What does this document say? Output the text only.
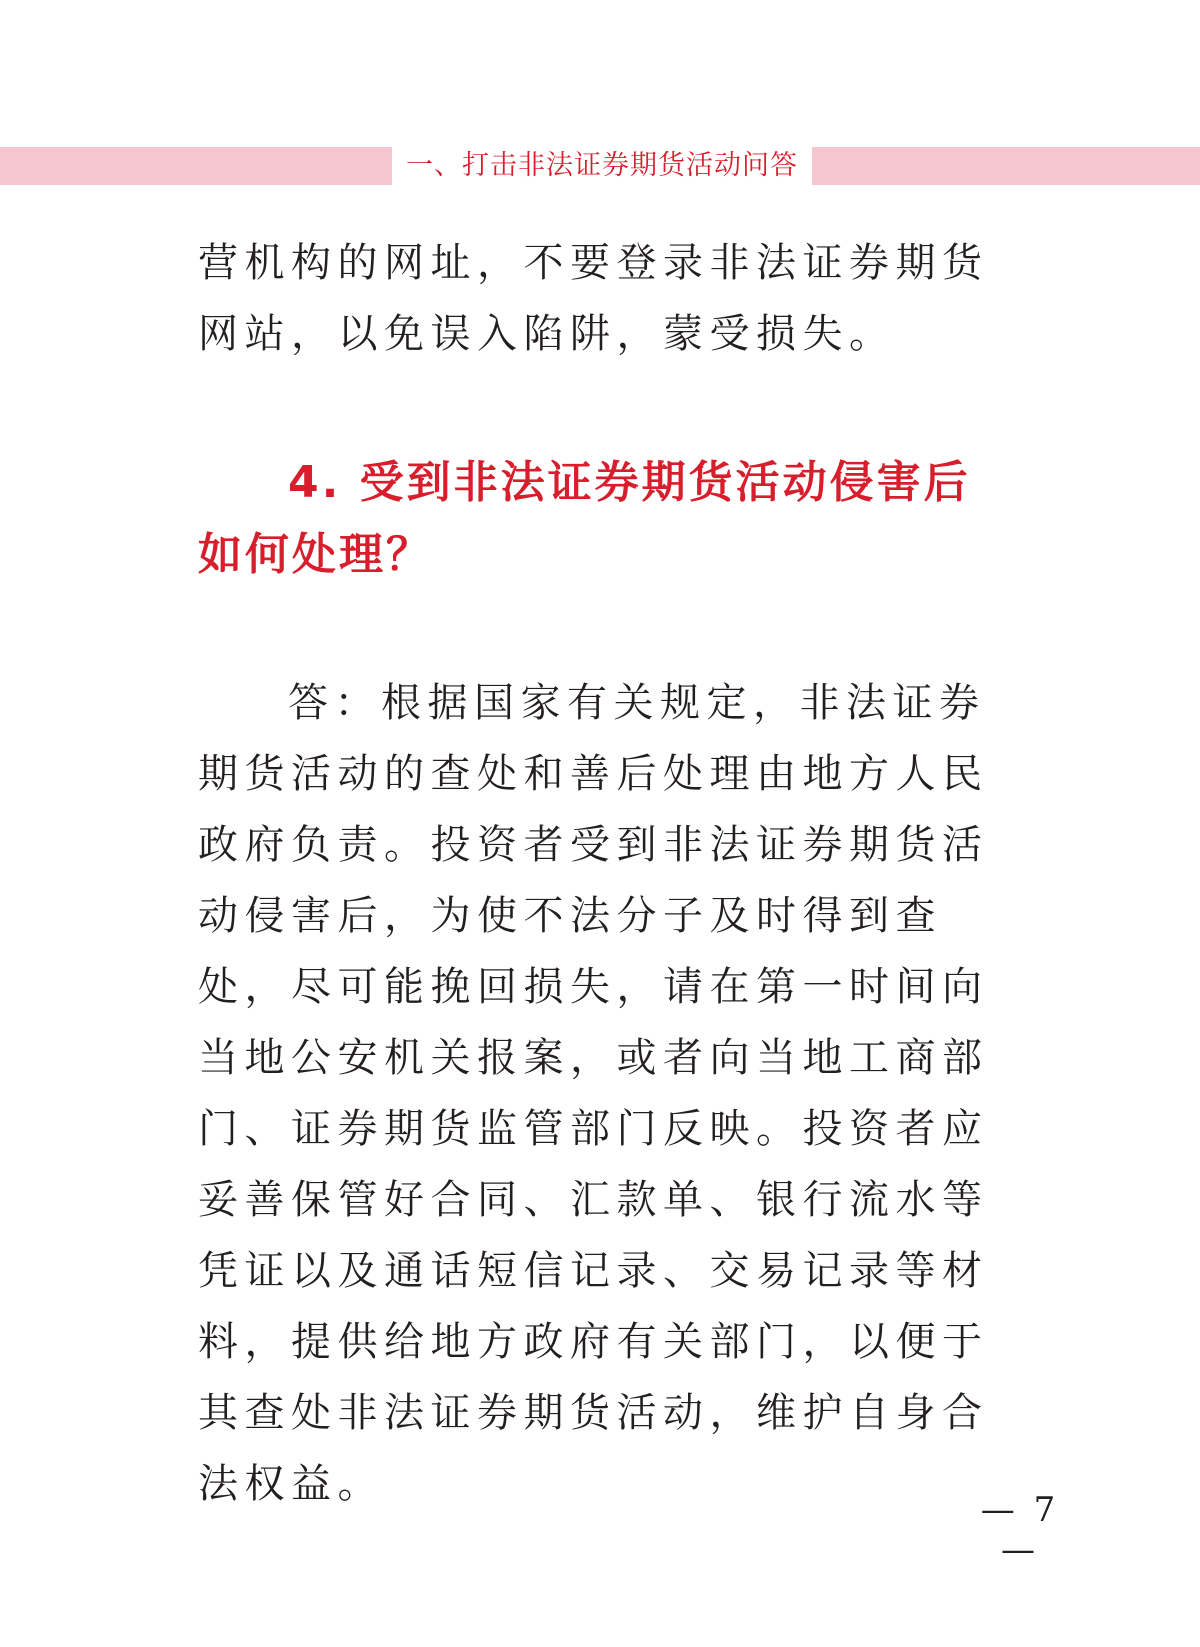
一、打击非法证券期货活动问答

营机构的网址，不要登录非法证券期货网站，以免误入陷阱，蒙受损失。

4. 受到非法证券期货活动侵害后如何处理？

答：根据国家有关规定，非法证券期货活动的查处和善后处理由地方人民政府负责。投资者受到非法证券期货活动侵害后，为使不法分子及时得到查处，尽可能挽回损失，请在第一时间向当地公安机关报案，或者向当地工商部门、证券期货监管部门反映。投资者应妥善保管好合同、汇款单、银行流水等凭证以及通话短信记录、交易记录等材料，提供给地方政府有关部门，以便于其查处非法证券期货活动，维护自身合法权益。

— 7 —
